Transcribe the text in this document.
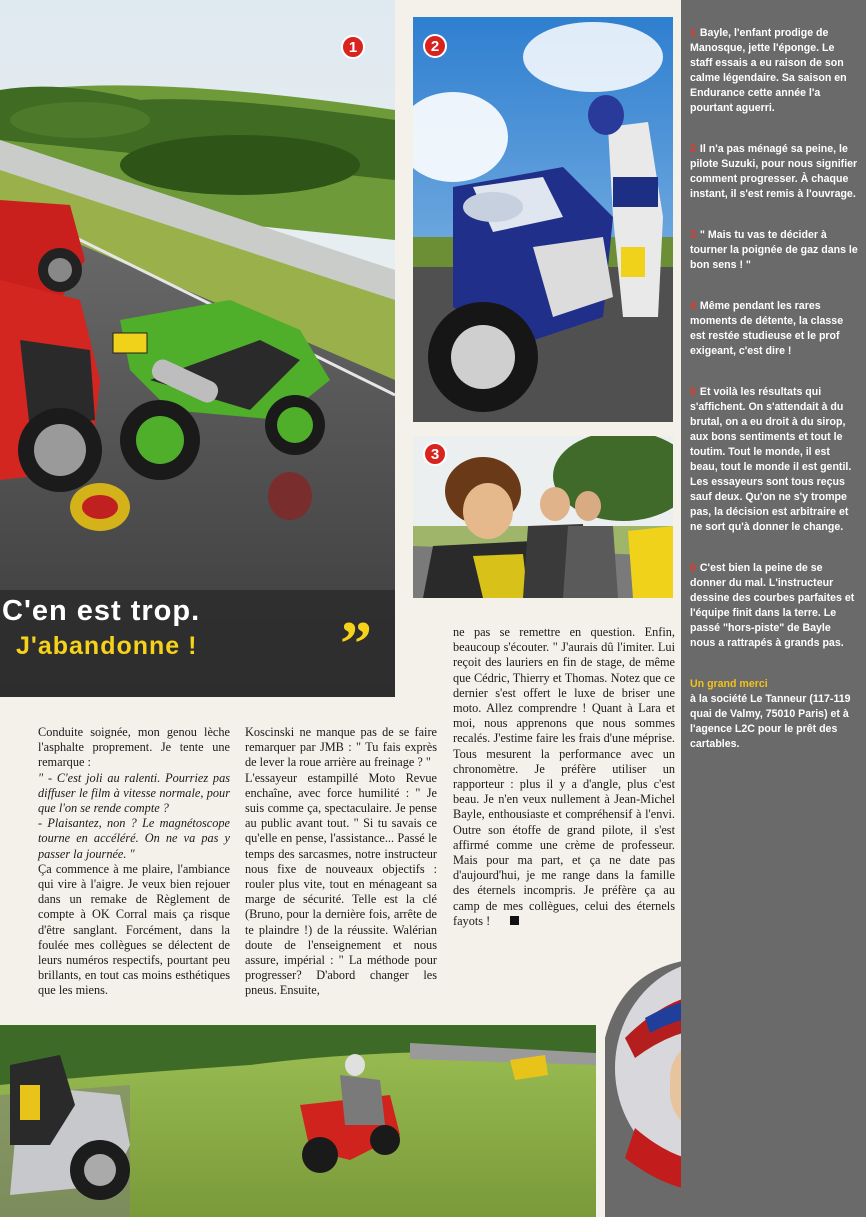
”
1
C'en est trop.
J'abandonne !
2
3

1 Bayle, l'enfant prodige de Manosque, jette l'éponge. Le staff essais a eu raison de son calme légendaire. Sa saison en Endurance cette année l'a pourtant aguerri.

2 Il n'a pas ménagé sa peine, le pilote Suzuki, pour nous signifier comment progresser. À chaque instant, il s'est remis à l'ouvrage.

3 " Mais tu vas te décider à tourner la poignée de gaz dans le bon sens ! "

4 Même pendant les rares moments de détente, la classe est restée studieuse et le prof exigeant, c'est dire !

5 Et voilà les résultats qui s'affichent. On s'attendait à du brutal, on a eu droit à du sirop, aux bons sentiments et tout le toutim. Tout le monde, il est beau, tout le monde il est gentil. Les essayeurs sont tous reçus sauf deux. Qu'on ne s'y trompe pas, la décision est arbitraire et ne sort qu'à donner le change.

6 C'est bien la peine de se donner du mal. L'instructeur dessine des courbes parfaites et l'équipe finit dans la terre. Le passé "hors-piste" de Bayle nous a rattrapés à grands pas.

Un grand merci
à la société Le Tanneur (117-119 quai de Valmy, 75010 Paris) et à l'agence L2C pour le prêt des cartables.

Conduite soignée, mon genou lèche l'asphalte proprement. Je tente une remarque :
" - C'est joli au ralenti. Pourriez pas diffuser le film à vitesse normale, pour que l'on se rende compte ?
- Plaisantez, non ? Le magnétoscope tourne en accéléré. On ne va pas y passer la journée. "
Ça commence à me plaire, l'ambiance qui vire à l'aigre. Je veux bien rejouer dans un remake de Règlement de compte à OK Corral mais ça risque d'être sanglant. Forcément, dans la foulée mes collègues se délectent de leurs numéros respectifs, pourtant peu brillants, en tout cas moins esthétiques que les miens.
Koscinski ne manque pas de se faire remarquer par JMB : " Tu fais exprès de lever la roue arrière au freinage ? "
L'essayeur estampillé Moto Revue enchaîne, avec force humilité : " Je suis comme ça, spectaculaire. Je pense au public avant tout. " Si tu savais ce qu'elle en pense, l'assistance... Passé le temps des sarcasmes, notre instructeur nous fixe de nouveaux objectifs : rouler plus vite, tout en ménageant sa marge de sécurité. Telle est la clé (Bruno, pour la dernière fois, arrête de te plaindre !) de la réussite. Walérian doute de l'enseignement et nous assure, impérial : " La méthode pour progresser? D'abord changer les pneus. Ensuite,
ne pas se remettre en question. Enfin, beaucoup s'écouter. " J'aurais dû l'imiter. Lui reçoit des lauriers en fin de stage, de même que Cédric, Thierry et Thomas. Notez que ce dernier s'est offert le luxe de briser une moto. Allez comprendre ! Quant à Lara et moi, nous apprenons que nous sommes recalés. J'estime faire les frais d'une méprise. Tous mesurent la performance avec un chronomètre. Je préfère utiliser un rapporteur : plus il y a d'angle, plus c'est beau. Je n'en veux nullement à Jean-Michel Bayle, enthousiaste et compréhensif à l'envi. Outre son étoffe de grand pilote, il s'est affirmé comme une crème de professeur. Mais pour ma part, et ça ne date pas d'aujourd'hui, je me range dans la famille des éternels incompris. Je préfère ça au camp de mes collègues, celui des éternels fayots !
